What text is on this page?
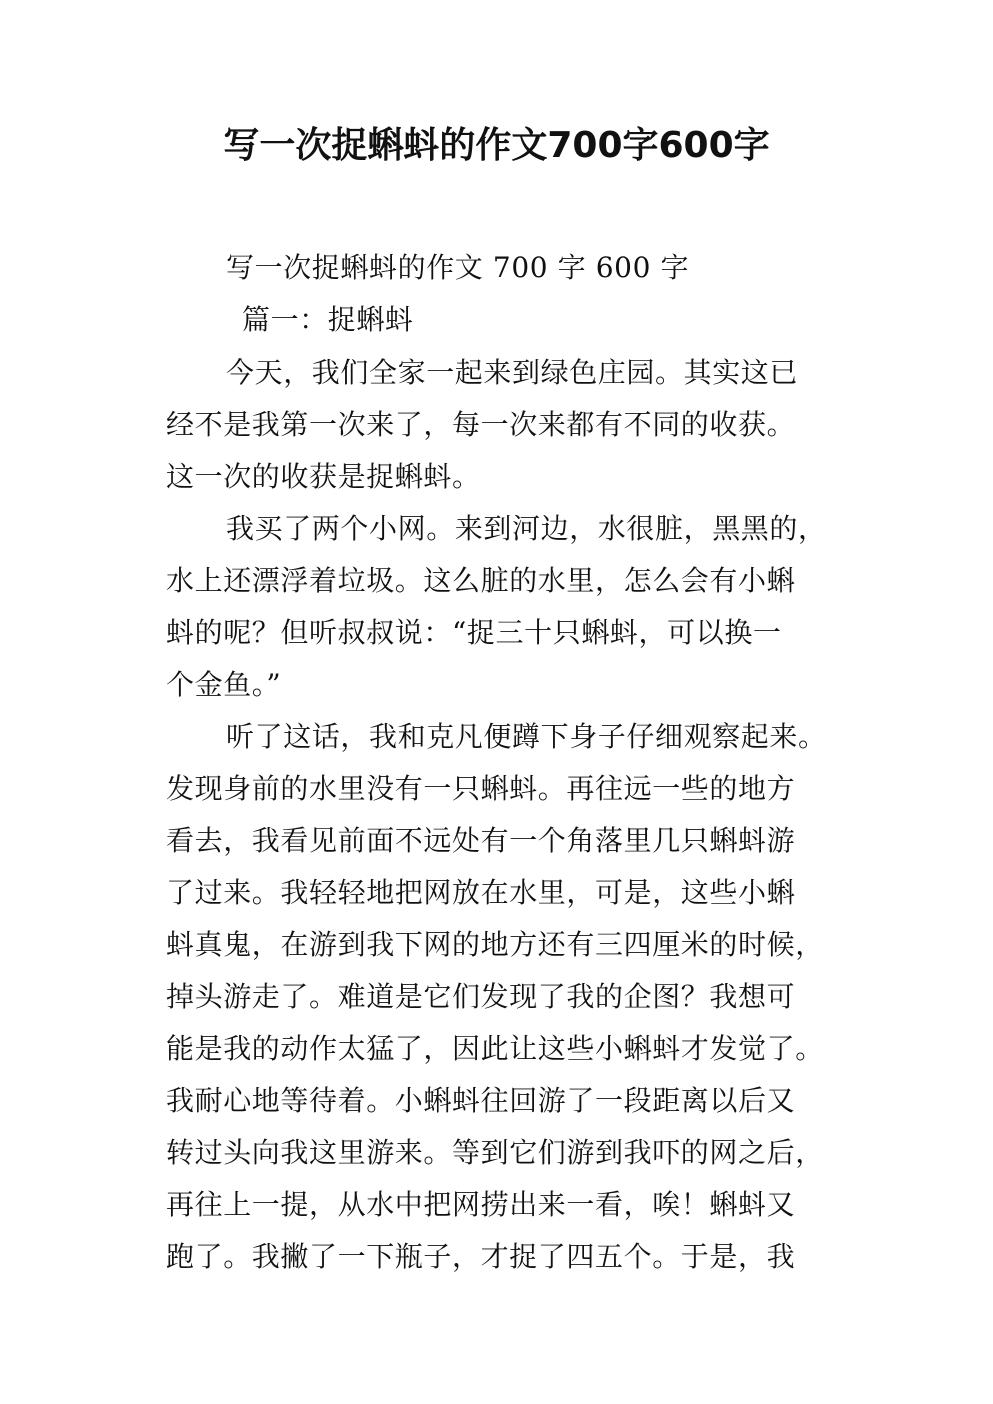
写一次捉蝌蚪的作文700字600字
写一次捉蝌蚪的作文 700 字 600 字
篇一：捉蝌蚪
今天，我们全家一起来到绿色庄园。其实这已
经不是我第一次来了，每一次来都有不同的收获。
这一次的收获是捉蝌蚪。
我买了两个小网。来到河边，水很脏，黑黑的，
水上还漂浮着垃圾。这么脏的水里，怎么会有小蝌
蚪的呢？但听叔叔说：“捉三十只蝌蚪，可以换一
个金鱼。”
听了这话，我和克凡便蹲下身子仔细观察起来。
发现身前的水里没有一只蝌蚪。再往远一些的地方
看去，我看见前面不远处有一个角落里几只蝌蚪游
了过来。我轻轻地把网放在水里，可是，这些小蝌
蚪真鬼，在游到我下网的地方还有三四厘米的时候，
掉头游走了。难道是它们发现了我的企图？我想可
能是我的动作太猛了，因此让这些小蝌蚪才发觉了。
我耐心地等待着。小蝌蚪往回游了一段距离以后又
转过头向我这里游来。等到它们游到我吓的网之后，
再往上一提，从水中把网捞出来一看，唉！蝌蚪又
跑了。我撇了一下瓶子，才捉了四五个。于是，我
